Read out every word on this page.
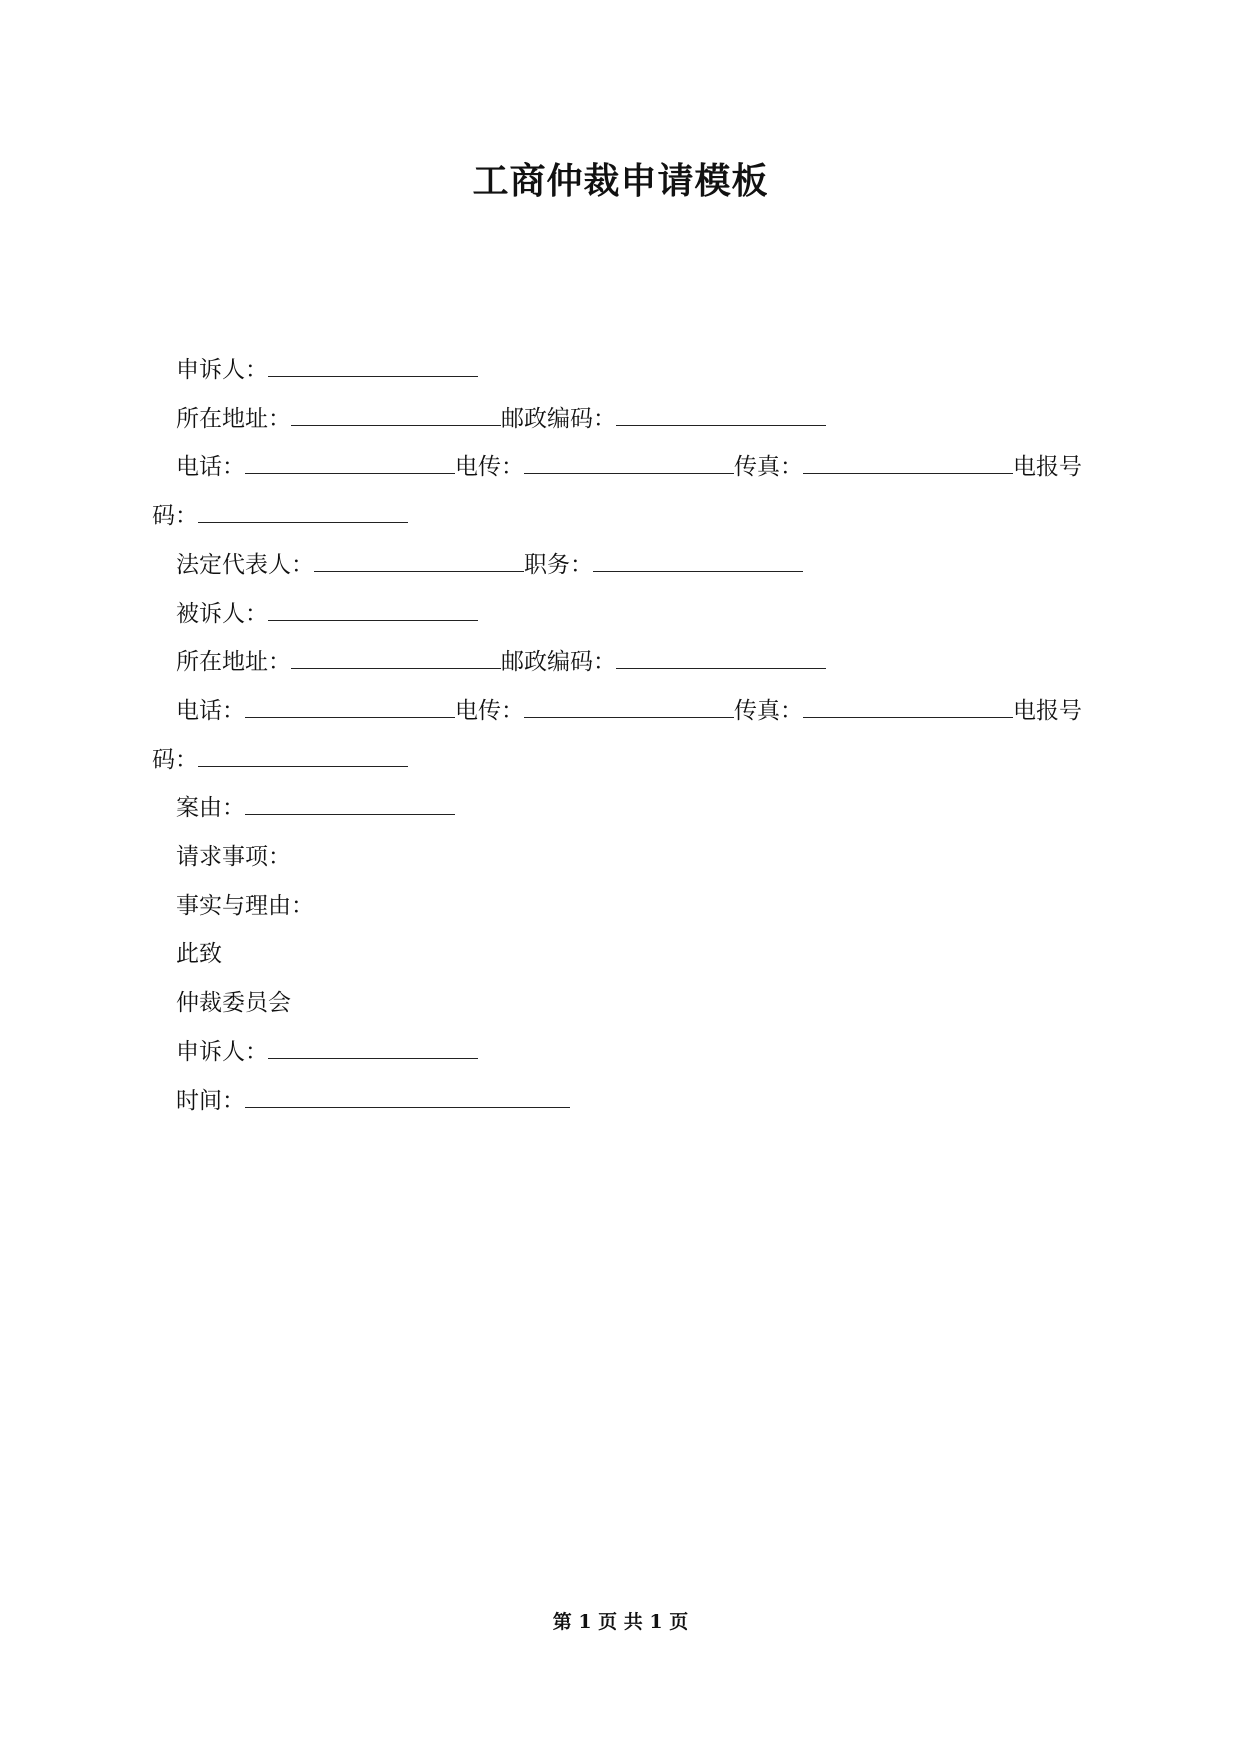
工商仲裁申请模板

申诉人：

所在地址：	邮政编码：

电话：	电传：	传真：	电报号码：

法定代表人：	职务：

被诉人：

所在地址：	邮政编码：

电话：	电传：	传真：	电报号码：

案由：

请求事项：

事实与理由：

此致

仲裁委员会

申诉人：

时间：

第 1 页 共 1 页
